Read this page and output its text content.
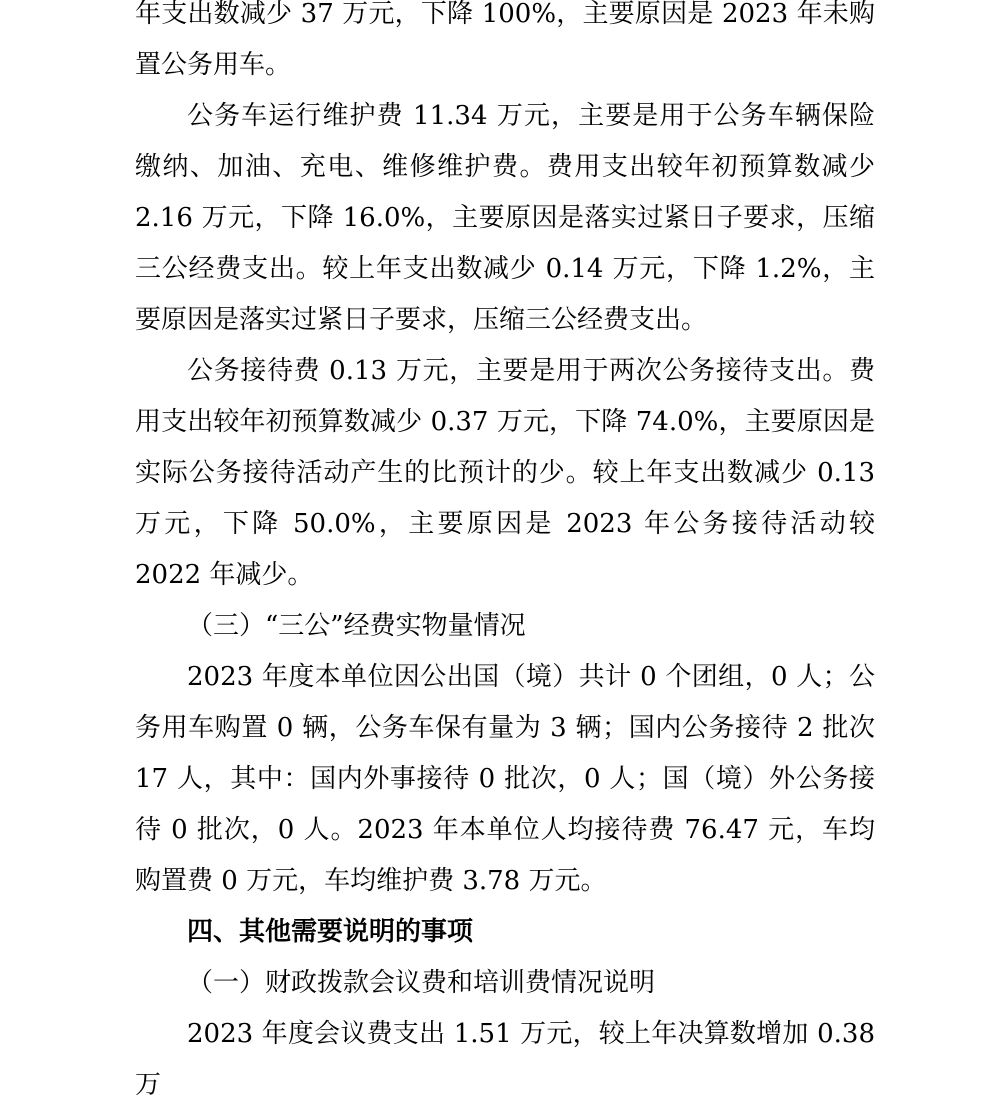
年支出数减少 37 万元，下降 100%，主要原因是 2023 年未购置公务用车。

公务车运行维护费 11.34 万元，主要是用于公务车辆保险缴纳、加油、充电、维修维护费。费用支出较年初预算数减少 2.16 万元，下降 16.0%，主要原因是落实过紧日子要求，压缩三公经费支出。较上年支出数减少 0.14 万元，下降 1.2%，主要原因是落实过紧日子要求，压缩三公经费支出。

公务接待费 0.13 万元，主要是用于两次公务接待支出。费用支出较年初预算数减少 0.37 万元，下降 74.0%，主要原因是实际公务接待活动产生的比预计的少。较上年支出数减少 0.13 万元，下降 50.0%，主要原因是 2023 年公务接待活动较 2022 年减少。

（三）“三公”经费实物量情况

2023 年度本单位因公出国（境）共计 0 个团组，0 人；公务用车购置 0 辆，公务车保有量为 3 辆；国内公务接待 2 批次 17 人，其中：国内外事接待 0 批次，0 人；国（境）外公务接待 0 批次，0 人。2023 年本单位人均接待费 76.47 元，车均购置费 0 万元，车均维护费 3.78 万元。

四、其他需要说明的事项

（一）财政拨款会议费和培训费情况说明

2023 年度会议费支出 1.51 万元，较上年决算数增加 0.38 万
